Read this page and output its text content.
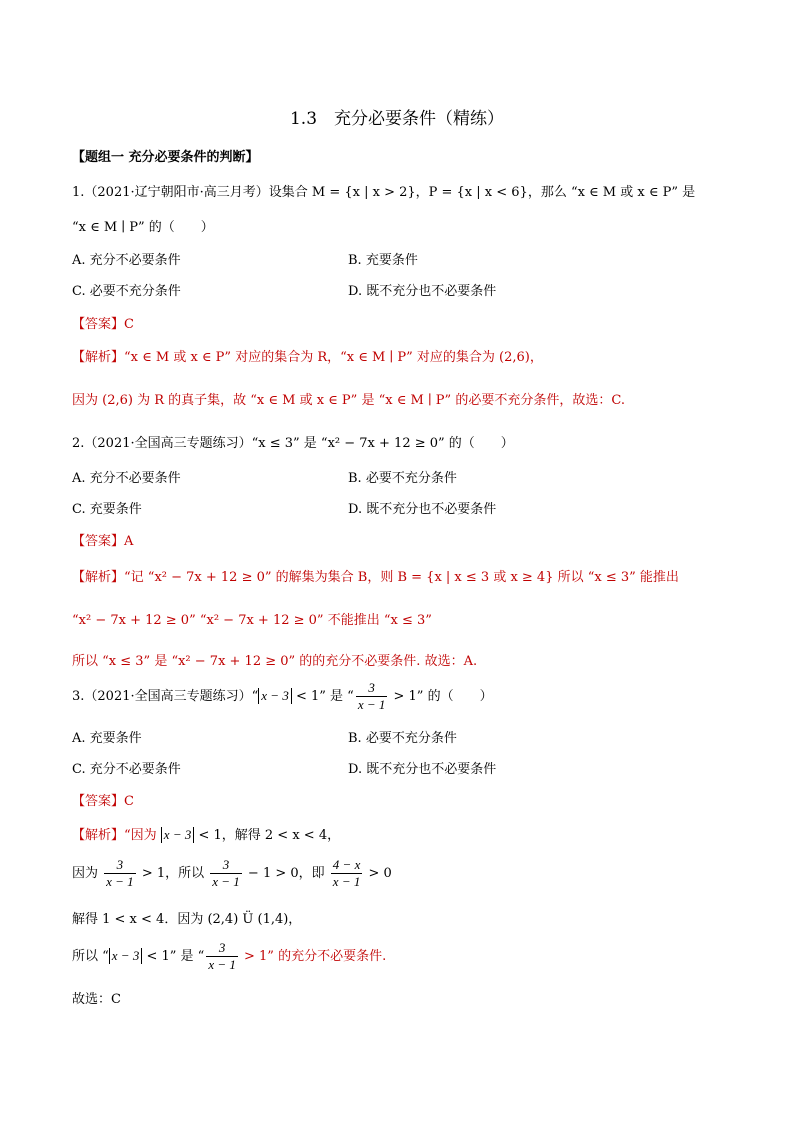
1.3　充分必要条件（精练）
【题组一 充分必要条件的判断】
1.（2021·辽宁朝阳市·高三月考）设集合 M = {x | x > 2}，P = {x | x < 6}，那么 “x ∈ M 或 x ∈ P” 是
“x ∈ M ∣ P” 的（　　）
A. 充分不必要条件	B. 充要条件
C. 必要不充分条件	D. 既不充分也不必要条件
【答案】C
【解析】“x ∈ M 或 x ∈ P” 对应的集合为 R，“x ∈ M ∣ P” 对应的集合为 (2,6)，
因为 (2,6) 为 R 的真子集，故 “x ∈ M 或 x ∈ P” 是 “x ∈ M ∣ P” 的必要不充分条件，故选：C.
2.（2021·全国高三专题练习）“x ≤ 3” 是 “x² − 7x + 12 ≥ 0” 的（　　）
A. 充分不必要条件	B. 必要不充分条件
C. 充要条件	D. 既不充分也不必要条件
【答案】A
【解析】“记 “x² − 7x + 12 ≥ 0” 的解集为集合 B，则 B = {x | x ≤ 3 或 x ≥ 4} 所以 “x ≤ 3” 能推出
“x² − 7x + 12 ≥ 0” “x² − 7x + 12 ≥ 0” 不能推出 “x ≤ 3”
所以 “x ≤ 3” 是 “x² − 7x + 12 ≥ 0” 的的充分不必要条件. 故选：A.
3.（2021·全国高三专题练习）“ x − 3 < 1” 是 “ $\frac{3}{x - 1} > 1$” 的（　　）
A. 充要条件	B. 必要不充分条件
C. 充分不必要条件	D. 既不充分也不必要条件
【答案】C
【解析】“因为 x − 3 < 1，解得 2 < x < 4，
因为 $\frac{3}{x - 1} > 1$，所以 $\frac{3}{x - 1} - 1 > 0$，即 $\frac{4 - x}{x - 1} > 0$
解得 1 < x < 4．因为 (2,4) Ü (1,4)，
所以 “ x − 3 < 1” 是 “ $\frac{3}{x - 1} > 1$” 的充分不必要条件.
故选：C
